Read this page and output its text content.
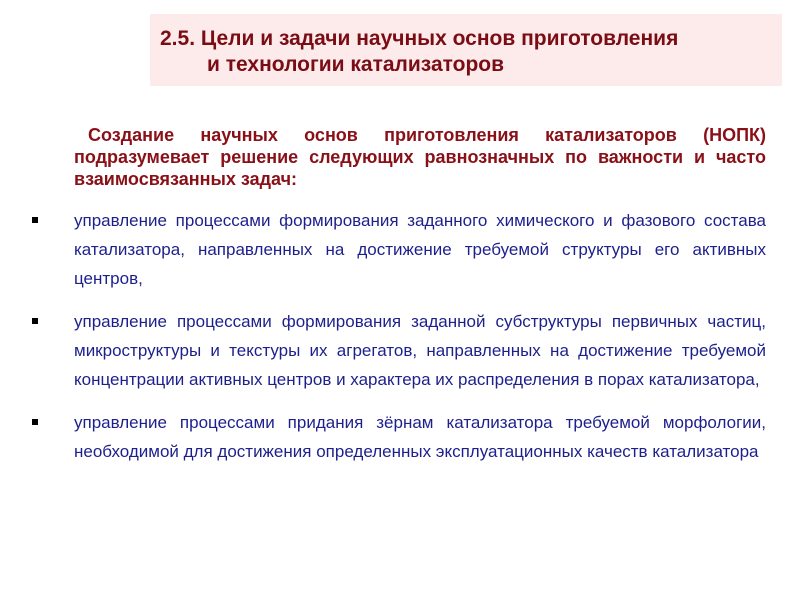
2.5. Цели и задачи научных основ приготовления
и технологии катализаторов

Создание научных основ приготовления катализаторов (НОПК) подразумевает решение следующих равнозначных по важности и часто взаимосвязанных задач:

управление процессами формирования заданного химического и фазового состава катализатора, направленных на достижение требуемой структуры его активных центров,
управление процессами формирования заданной субструктуры первичных частиц, микроструктуры и текстуры их агрегатов, направленных на достижение требуемой концентрации активных центров и характера их распределения в порах катализатора,
управление процессами придания зёрнам катализатора требуемой морфологии, необходимой для достижения определенных эксплуатационных качеств катализатора
